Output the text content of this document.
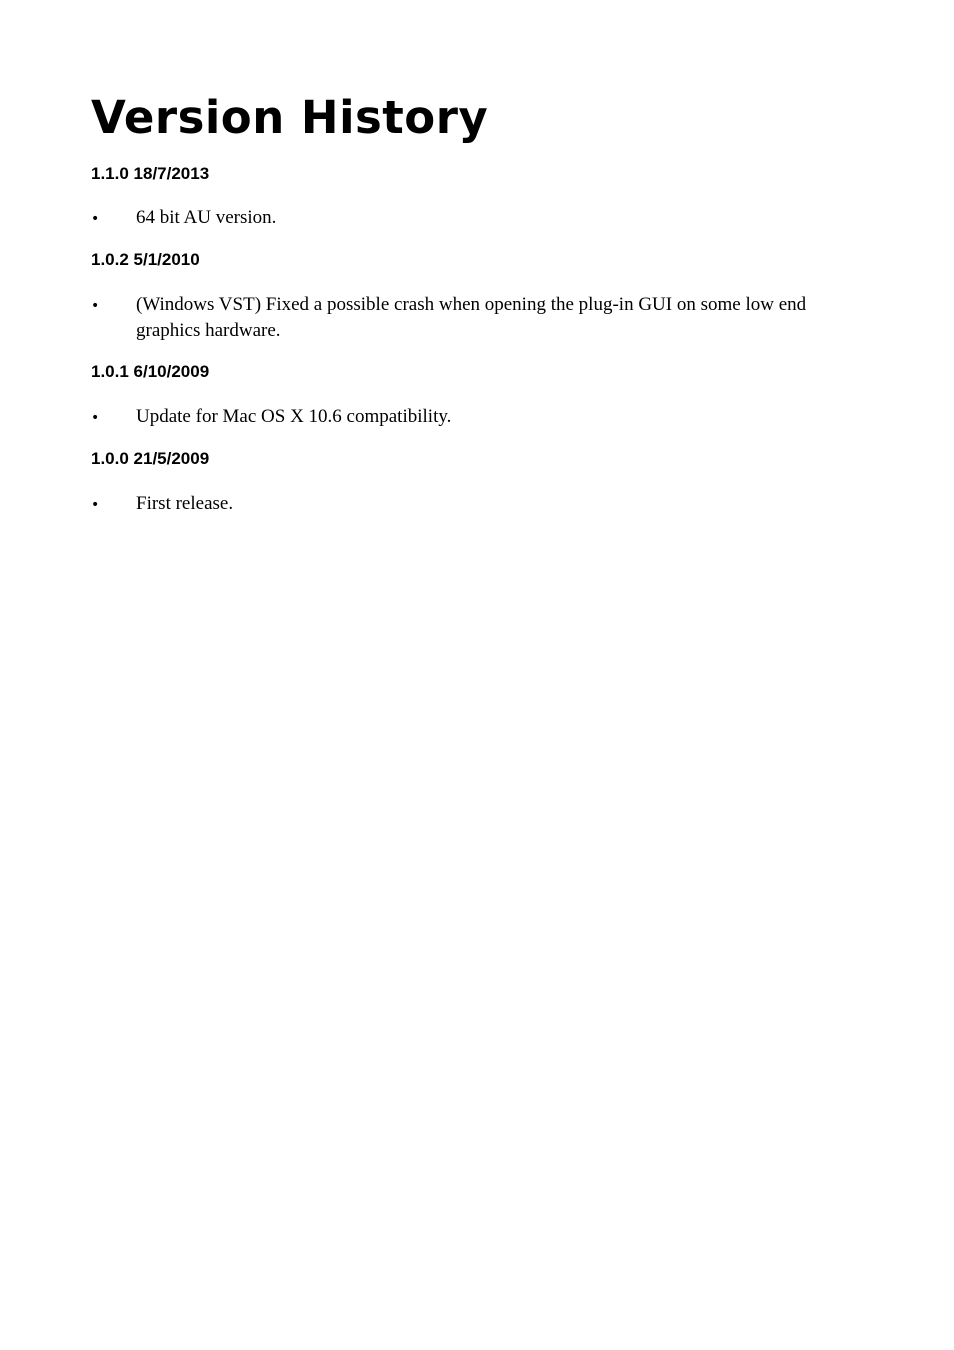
Version History
1.1.0 18/7/2013
• 64 bit AU version.
1.0.2 5/1/2010
• (Windows VST) Fixed a possible crash when opening the plug-in GUI on some low end graphics hardware.
1.0.1 6/10/2009
• Update for Mac OS X 10.6 compatibility.
1.0.0 21/5/2009
• First release.
